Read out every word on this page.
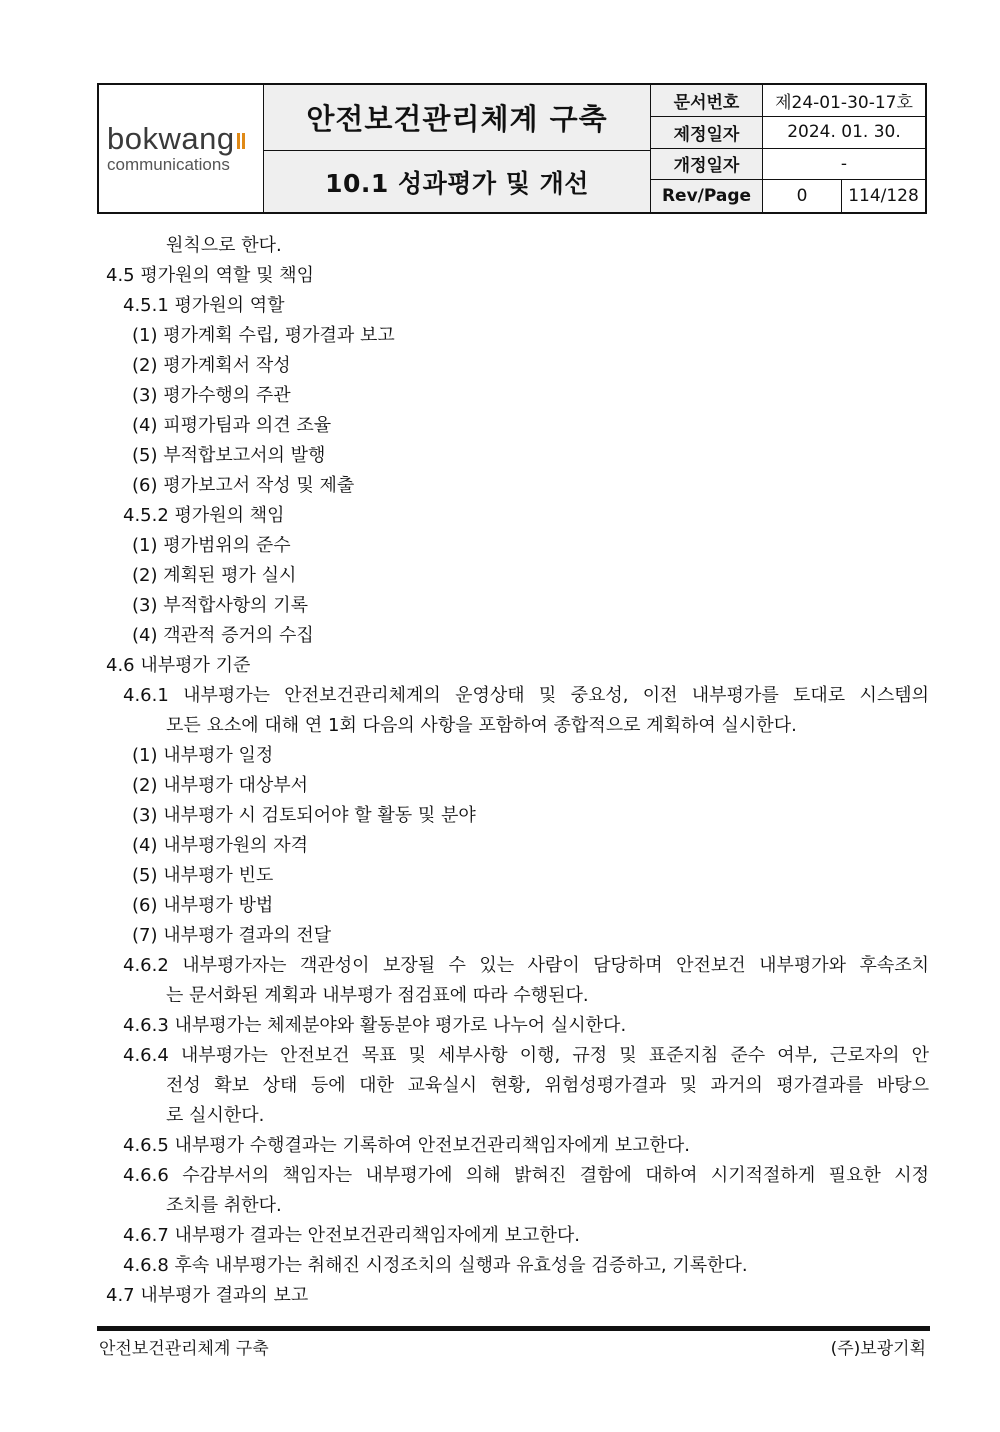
bokwang
communications
안전보건관리체계 구축
10.1 성과평가 및 개선
문서번호	제24-01-30-17호
제정일자	2024. 01. 30.
개정일자	-
Rev/Page	0	114/128
원칙으로 한다.
4.5 평가원의 역할 및 책임
4.5.1 평가원의 역할
(1) 평가계획 수립, 평가결과 보고
(2) 평가계획서 작성
(3) 평가수행의 주관
(4) 피평가팀과 의견 조율
(5) 부적합보고서의 발행
(6) 평가보고서 작성 및 제출
4.5.2 평가원의 책임
(1) 평가범위의 준수
(2) 계획된 평가 실시
(3) 부적합사항의 기록
(4) 객관적 증거의 수집
4.6 내부평가 기준
4.6.1 내부평가는 안전보건관리체계의 운영상태 및 중요성, 이전 내부평가를 토대로 시스템의
모든 요소에 대해 연 1회 다음의 사항을 포함하여 종합적으로 계획하여 실시한다.
(1) 내부평가 일정
(2) 내부평가 대상부서
(3) 내부평가 시 검토되어야 할 활동 및 분야
(4) 내부평가원의 자격
(5) 내부평가 빈도
(6) 내부평가 방법
(7) 내부평가 결과의 전달
4.6.2 내부평가자는 객관성이 보장될 수 있는 사람이 담당하며 안전보건 내부평가와 후속조치
는 문서화된 계획과 내부평가 점검표에 따라 수행된다.
4.6.3 내부평가는 체제분야와 활동분야 평가로 나누어 실시한다.
4.6.4 내부평가는 안전보건 목표 및 세부사항 이행, 규정 및 표준지침 준수 여부, 근로자의 안
전성 확보 상태 등에 대한 교육실시 현황, 위험성평가결과 및 과거의 평가결과를 바탕으
로 실시한다.
4.6.5 내부평가 수행결과는 기록하여 안전보건관리책임자에게 보고한다.
4.6.6 수감부서의 책임자는 내부평가에 의해 밝혀진 결함에 대하여 시기적절하게 필요한 시정
조치를 취한다.
4.6.7 내부평가 결과는 안전보건관리책임자에게 보고한다.
4.6.8 후속 내부평가는 취해진 시정조치의 실행과 유효성을 검증하고, 기록한다.
4.7 내부평가 결과의 보고
안전보건관리체계 구축	(주)보광기획
